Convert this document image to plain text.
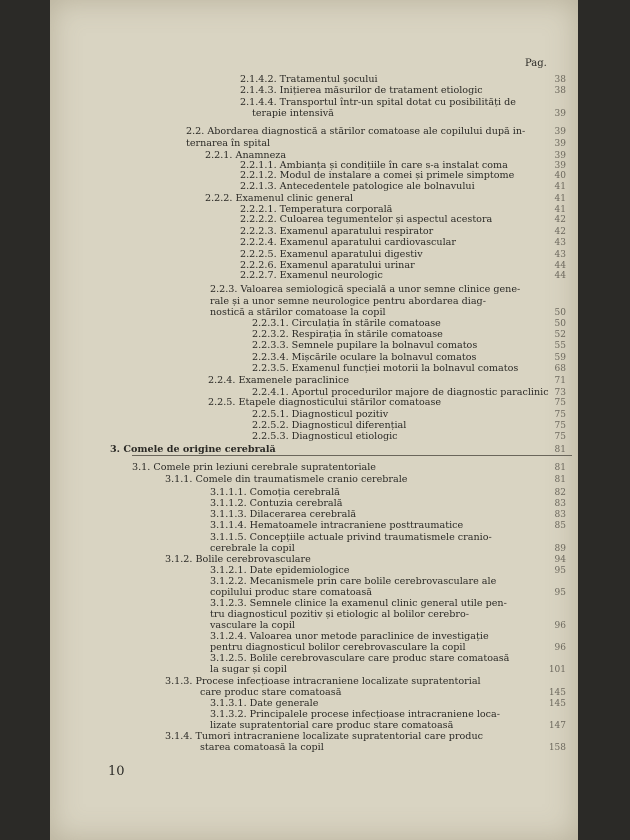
Pag.
2.1.4.2. Tratamentul şocului	38
2.1.4.3. Inițierea măsurilor de tratament etiologic	38
2.1.4.4. Transportul într-un spital dotat cu posibilități de
terapie intensivă	39
2.2. Abordarea diagnostică a stărilor comatoase ale copilului după in-	39
ternarea în spital	39
2.2.1. Anamneza	39
2.2.1.1. Ambianța și condițiile în care s-a instalat coma	39
2.2.1.2. Modul de instalare a comei și primele simptome	40
2.2.1.3. Antecedentele patologice ale bolnavului	41
2.2.2. Examenul clinic general	41
2.2.2.1. Temperatura corporală	41
2.2.2.2. Culoarea tegumentelor și aspectul acestora	42
2.2.2.3. Examenul aparatului respirator	42
2.2.2.4. Examenul aparatului cardiovascular	43
2.2.2.5. Examenul aparatului digestiv	43
2.2.2.6. Examenul aparatului urinar	44
2.2.2.7. Examenul neurologic	44
2.2.3. Valoarea semiologică specială a unor semne clinice gene-
rale și a unor semne neurologice pentru abordarea diag-
nostică a stărilor comatoase la copil	50
2.2.3.1. Circulația în stările comatoase	50
2.2.3.2. Respirația în stările comatoase	52
2.2.3.3. Semnele pupilare la bolnavul comatos	55
2.2.3.4. Mișcările oculare la bolnavul comatos	59
2.2.3.5. Examenul funcției motorii la bolnavul comatos	68
2.2.4. Examenele paraclinice	71
2.2.4.1. Aportul procedurilor majore de diagnostic paraclinic 73
2.2.5. Etapele diagnosticului stărilor comatoase	75
2.2.5.1. Diagnosticul pozitiv	75
2.2.5.2. Diagnosticul diferențial	75
2.2.5.3. Diagnosticul etiologic	75
3. Comele de origine cerebrală	81
3.1. Comele prin leziuni cerebrale supratentoriale	81
3.1.1. Comele din traumatismele cranio cerebrale	81
3.1.1.1. Comoția cerebrală	82
3.1.1.2. Contuzia cerebrală	83
3.1.1.3. Dilacerarea cerebrală	83
3.1.1.4. Hematoamele intracraniene posttraumatice	85
3.1.1.5. Concepțiile actuale privind traumatismele cranio-
cerebrale la copil	89
3.1.2. Bolile cerebrovasculare	94
3.1.2.1. Date epidemiologice	95
3.1.2.2. Mecanismele prin care bolile cerebrovasculare ale
copilului produc stare comatoasă	95
3.1.2.3. Semnele clinice la examenul clinic general utile pen-
tru diagnosticul pozitiv și etiologic al bolilor cerebro-
vasculare la copil	96
3.1.2.4. Valoarea unor metode paraclinice de investigație
pentru diagnosticul bolilor cerebrovasculare la copil	96
3.1.2.5. Bolile cerebrovasculare care produc stare comatoasă
la sugar și copil	101
3.1.3. Procese infecțioase intracraniene localizate supratentorial
care produc stare comatoasă	145
3.1.3.1. Date generale	145
3.1.3.2. Principalele procese infecțioase intracraniene loca-
lizate supratentorial care produc stare comatoasă	147
3.1.4. Tumori intracraniene localizate supratentorial care produc
starea comatoasă la copil	158
10
